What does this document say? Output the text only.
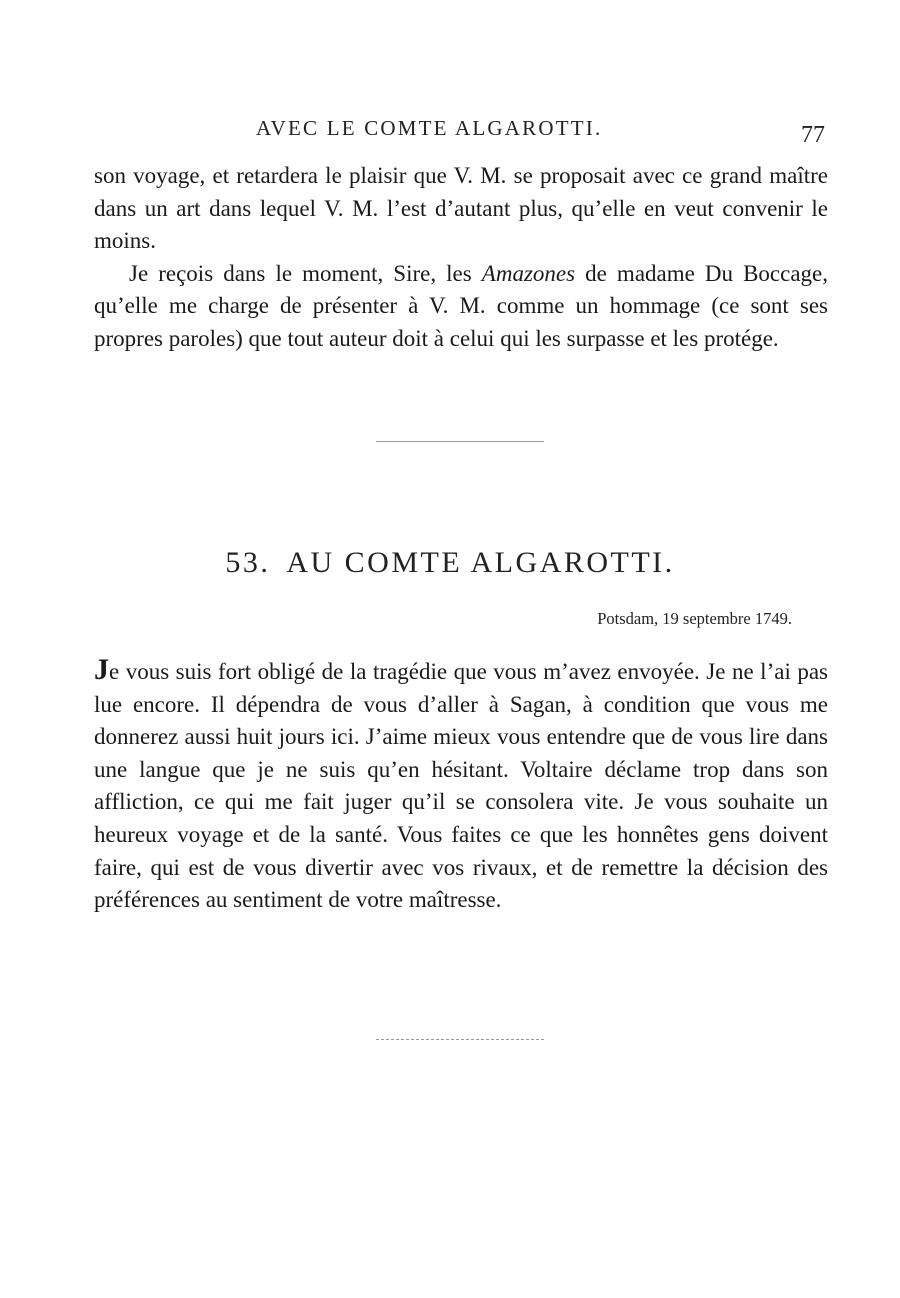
AVEC LE COMTE ALGAROTTI.	77

son voyage, et retardera le plaisir que V. M. se proposait avec ce grand maître dans un art dans lequel V. M. l’est d’autant plus, qu’elle en veut convenir le moins.

Je reçois dans le moment, Sire, les Amazones de madame Du Boccage, qu’elle me charge de présenter à V. M. comme un hommage (ce sont ses propres paroles) que tout auteur doit à celui qui les surpasse et les protége.

53. AU COMTE ALGAROTTI.
Potsdam, 19 septembre 1749.

Je vous suis fort obligé de la tragédie que vous m’avez envoyée. Je ne l’ai pas lue encore. Il dépendra de vous d’aller à Sagan, à condition que vous me donnerez aussi huit jours ici. J’aime mieux vous entendre que de vous lire dans une langue que je ne suis qu’en hésitant. Voltaire déclame trop dans son affliction, ce qui me fait juger qu’il se consolera vite. Je vous souhaite un heureux voyage et de la santé. Vous faites ce que les honnêtes gens doivent faire, qui est de vous divertir avec vos rivaux, et de remettre la décision des préférences au sentiment de votre maîtresse.
